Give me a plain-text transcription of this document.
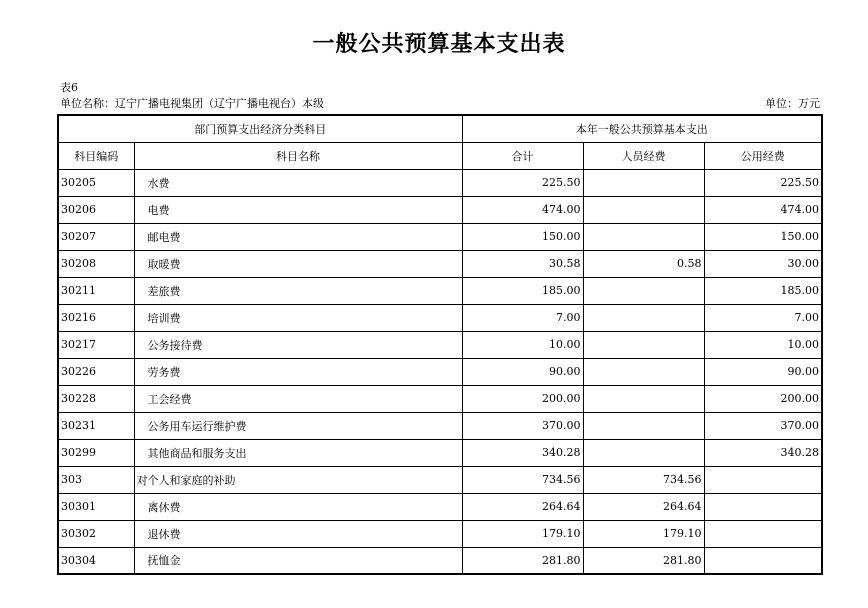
一般公共预算基本支出表
表6
单位名称：辽宁广播电视集团（辽宁广播电视台）本级	单位：万元
部门预算支出经济分类科目		本年一般公共预算基本支出		
科目编码	科目名称	合计	人员经费	公用经费
30205	水费	225.50		225.50
30206	电费	474.00		474.00
30207	邮电费	150.00		150.00
30208	取暖费	30.58	0.58	30.00
30211	差旅费	185.00		185.00
30216	培训费	7.00		7.00
30217	公务接待费	10.00		10.00
30226	劳务费	90.00		90.00
30228	工会经费	200.00		200.00
30231	公务用车运行维护费	370.00		370.00
30299	其他商品和服务支出	340.28		340.28
303	对个人和家庭的补助	734.56	734.56	
30301	离休费	264.64	264.64	
30302	退休费	179.10	179.10	
30304	抚恤金	281.80	281.80	
